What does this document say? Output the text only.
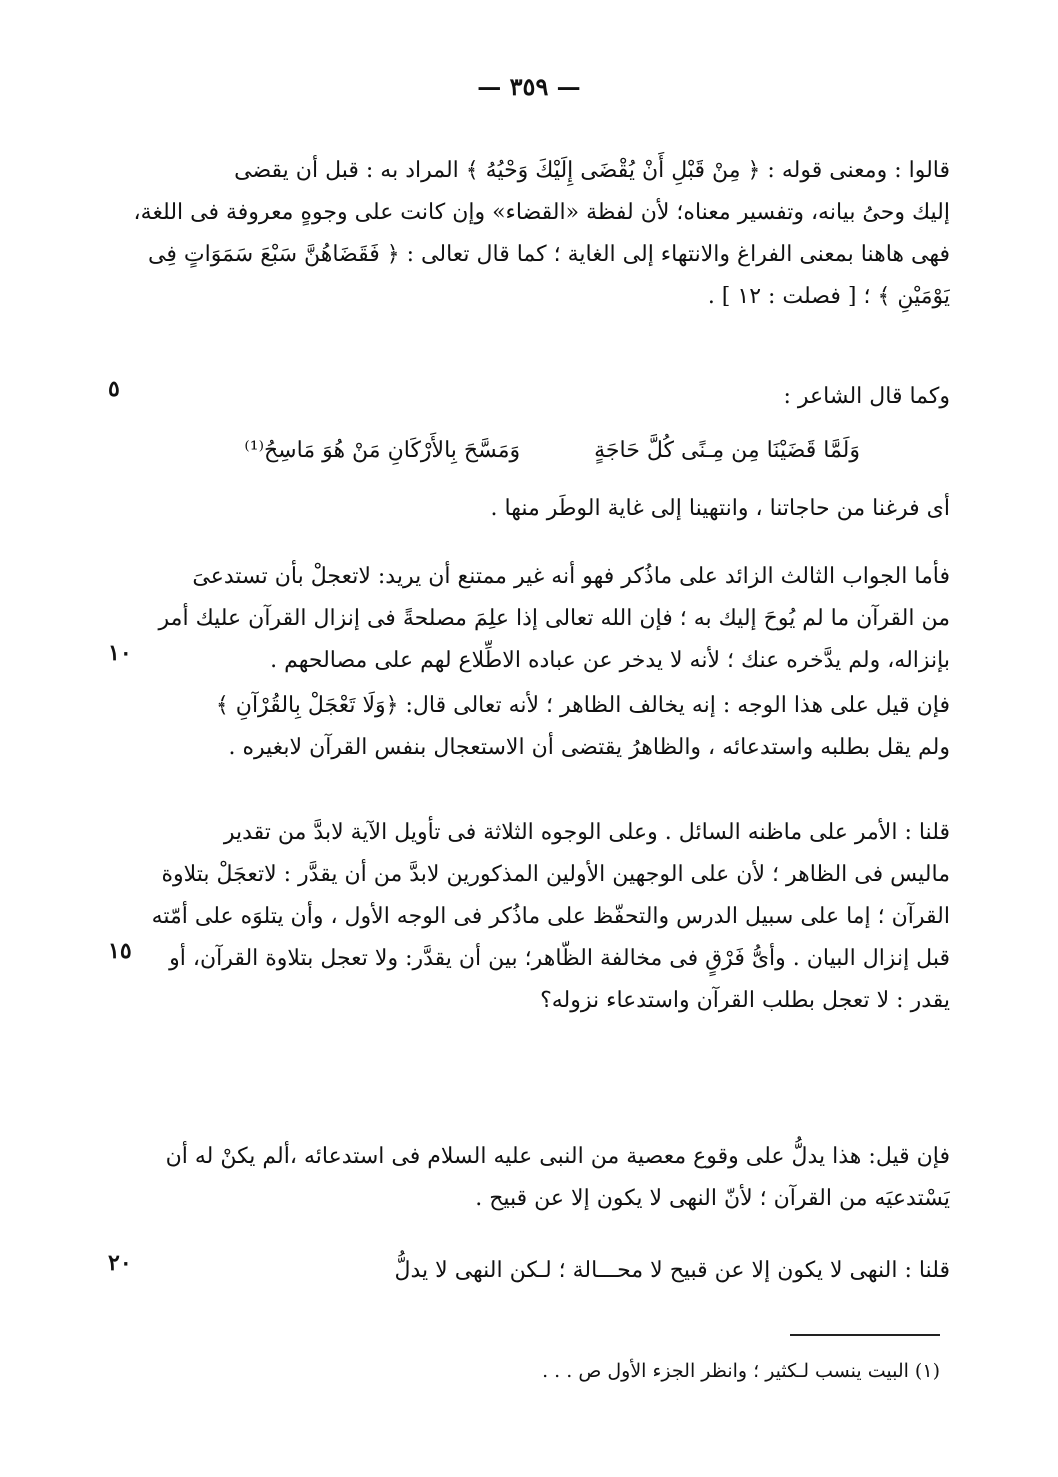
— ٣٥٩ —
قالوا : ومعنى قوله : ﴿ مِنْ قَبْلِ أَنْ يُقْضَى إِلَيْكَ وَحْيُهُ ﴾ المراد به : قبل أن يقضى
إليك وحىُ بيانه، وتفسير معناه؛ لأن لفظة «القضاء» وإن كانت على وجوهٍ معروفة فى اللغة،
فهى هاهنا بمعنى الفراغ والانتهاء إلى الغاية ؛ كما قال تعالى : ﴿ فَقَضَاهُنَّ سَبْعَ سَمَوَاتٍ فِى
يَوْمَيْنِ ﴾ ؛ [ فصلت : ١٢ ] .
وكما قال الشاعر :
٥
وَلَمَّا قَضَيْنَا مِن مِـنًى كُلَّ حَاجَةٍ  وَمَسَّحَ بِالأَرْكَانِ مَنْ هُوَ مَاسِحُ⁽¹⁾
أى فرغنا من حاجاتنا ، وانتهينا إلى غاية الوطَر منها .
فأما الجواب الثالث الزائد على ماذُكر فهو أنه غير ممتنع أن يريد: لاتعجلْ بأن تستدعىَ
من القرآن ما لم يُوحَ إليك به ؛ فإن الله تعالى إذا علِمَ مصلحةً فى إنزال القرآن عليك أمر
بإنزاله، ولم يدَّخره عنك ؛ لأنه لا يدخر عن عباده الاطِّلاع لهم على مصالحهم .
١٠
فإن قيل على هذا الوجه : إنه يخالف الظاهر ؛ لأنه تعالى قال: ﴿وَلَا تَعْجَلْ بِالقُرْآنِ ﴾
ولم يقل بطلبه واستدعائه ، والظاهرُ يقتضى أن الاستعجال بنفس القرآن لابغيره .
قلنا : الأمر على ماظنه السائل . وعلى الوجوه الثلاثة فى تأويل الآية لابدَّ من تقدير
ماليس فى الظاهر ؛ لأن على الوجهين الأولين المذكورين لابدَّ من أن يقدَّر : لاتعجَلْ بتلاوة
القرآن ؛ إما على سبيل الدرس والتحفّظ على ماذُكر فى الوجه الأول ، وأن يتلوَه على أمّته
قبل إنزال البيان . وأىُّ فَرْقٍ فى مخالفة الظّاهر؛ بين أن يقدَّر: ولا تعجل بتلاوة القرآن، أو
يقدر : لا تعجل بطلب القرآن واستدعاء نزوله؟
١٥
فإن قيل: هذا يدلُّ على وقوع معصية من النبى عليه السلام فى استدعائه ،ألم يكنْ له أن
يَسْتدعيَه من القرآن ؛ لأنّ النهى لا يكون إلا عن قبيح .
قلنا : النهى لا يكون إلا عن قبيح لا محـــالة ؛ لـكن النهى لا يدلُّ
٢٠
(١) البيت ينسب لـكثير ؛ وانظر الجزء الأول ص . . .
